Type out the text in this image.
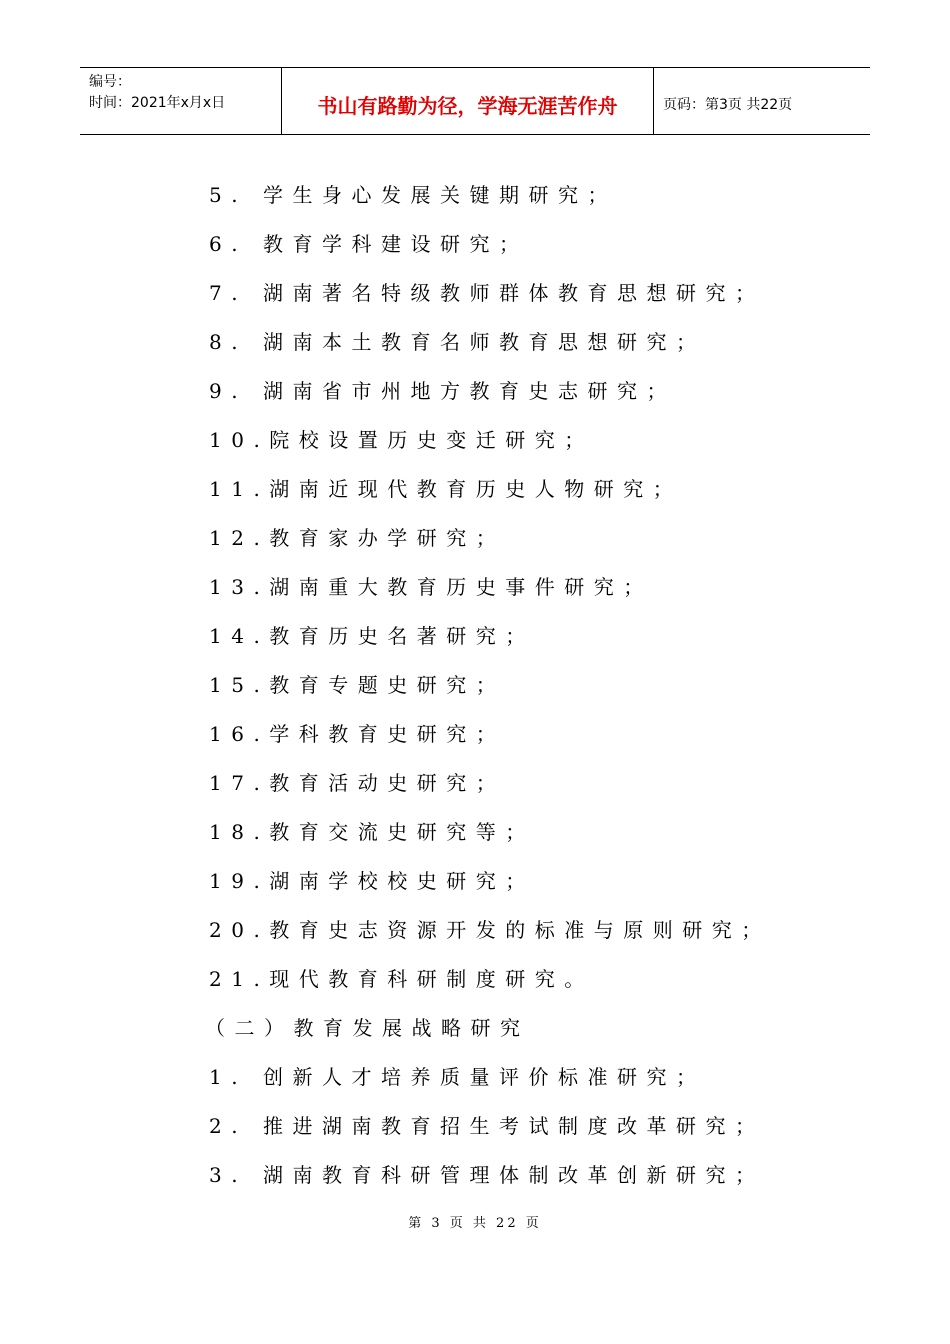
编号：
时间：2021年x月x日	书山有路勤为径，学海无涯苦作舟	页码：第3页 共22页
5. 学生身心发展关键期研究；
6. 教育学科建设研究；
7. 湖南著名特级教师群体教育思想研究；
8. 湖南本土教育名师教育思想研究；
9. 湖南省市州地方教育史志研究；
10.院校设置历史变迁研究；
11.湖南近现代教育历史人物研究；
12.教育家办学研究；
13.湖南重大教育历史事件研究；
14.教育历史名著研究；
15.教育专题史研究；
16.学科教育史研究；
17.教育活动史研究；
18.教育交流史研究等；
19.湖南学校校史研究；
20.教育史志资源开发的标准与原则研究；
21.现代教育科研制度研究。
（二）教育发展战略研究
1. 创新人才培养质量评价标准研究；
2. 推进湖南教育招生考试制度改革研究；
3. 湖南教育科研管理体制改革创新研究；
第 3 页 共 22 页
